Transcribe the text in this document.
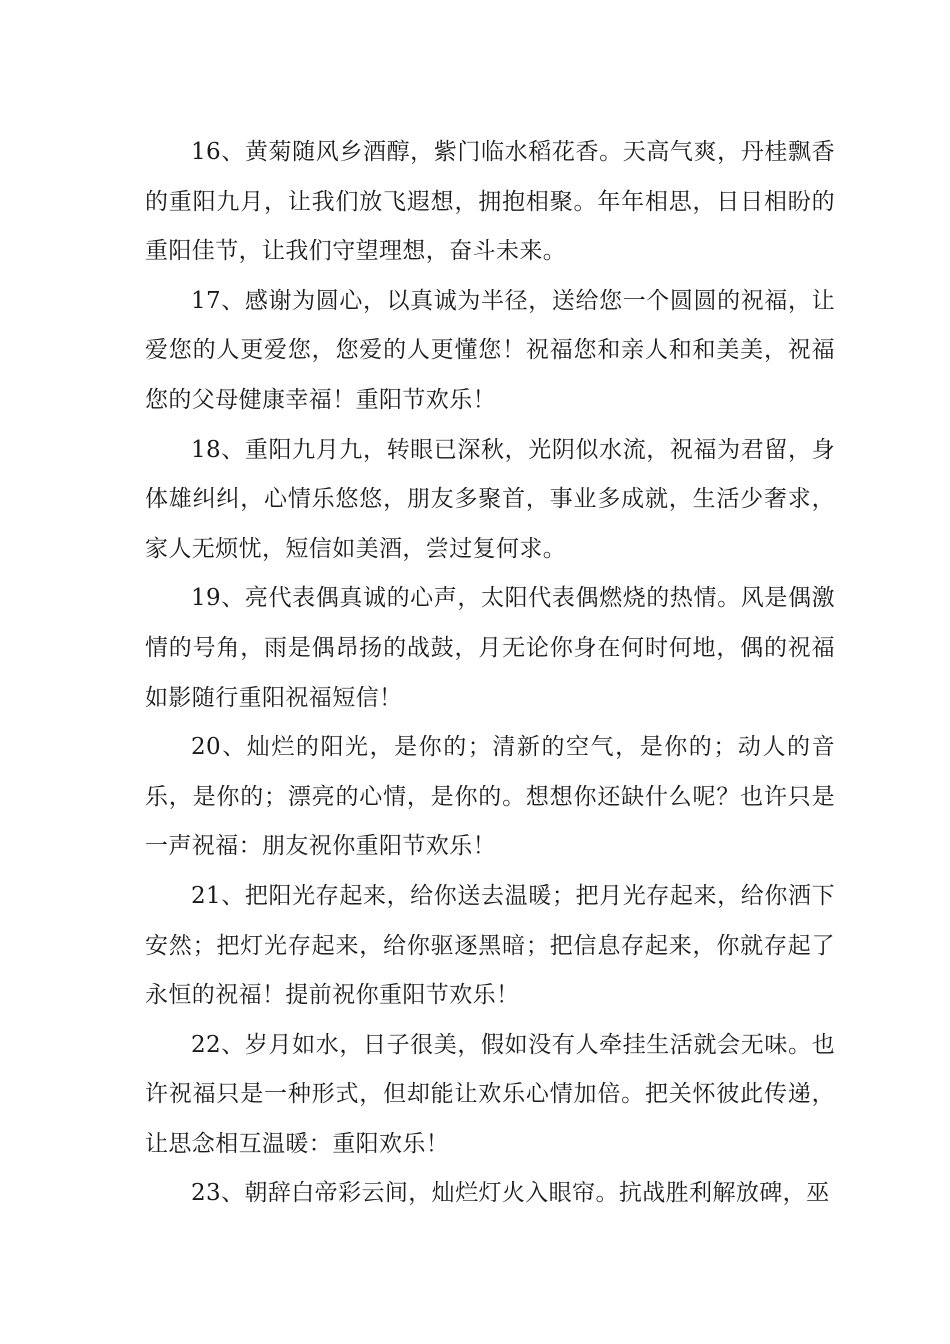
16、黄菊随风乡酒醇，紫门临水稻花香。天高气爽，丹桂飘香的重阳九月，让我们放飞遐想，拥抱相聚。年年相思，日日相盼的重阳佳节，让我们守望理想，奋斗未来。

17、感谢为圆心，以真诚为半径，送给您一个圆圆的祝福，让爱您的人更爱您，您爱的人更懂您！祝福您和亲人和和美美，祝福您的父母健康幸福！重阳节欢乐！

18、重阳九月九，转眼已深秋，光阴似水流，祝福为君留，身体雄纠纠，心情乐悠悠，朋友多聚首，事业多成就，生活少奢求，家人无烦忧，短信如美酒，尝过复何求。

19、亮代表偶真诚的心声，太阳代表偶燃烧的热情。风是偶激情的号角，雨是偶昂扬的战鼓，月无论你身在何时何地，偶的祝福如影随行重阳祝福短信！

20、灿烂的阳光，是你的；清新的空气，是你的；动人的音乐，是你的；漂亮的心情，是你的。想想你还缺什么呢？也许只是一声祝福：朋友祝你重阳节欢乐！

21、把阳光存起来，给你送去温暖；把月光存起来，给你洒下安然；把灯光存起来，给你驱逐黑暗；把信息存起来，你就存起了永恒的祝福！提前祝你重阳节欢乐！

22、岁月如水，日子很美，假如没有人牵挂生活就会无味。也许祝福只是一种形式，但却能让欢乐心情加倍。把关怀彼此传递，让思念相互温暖：重阳欢乐！

23、朝辞白帝彩云间，灿烂灯火入眼帘。抗战胜利解放碑，巫
